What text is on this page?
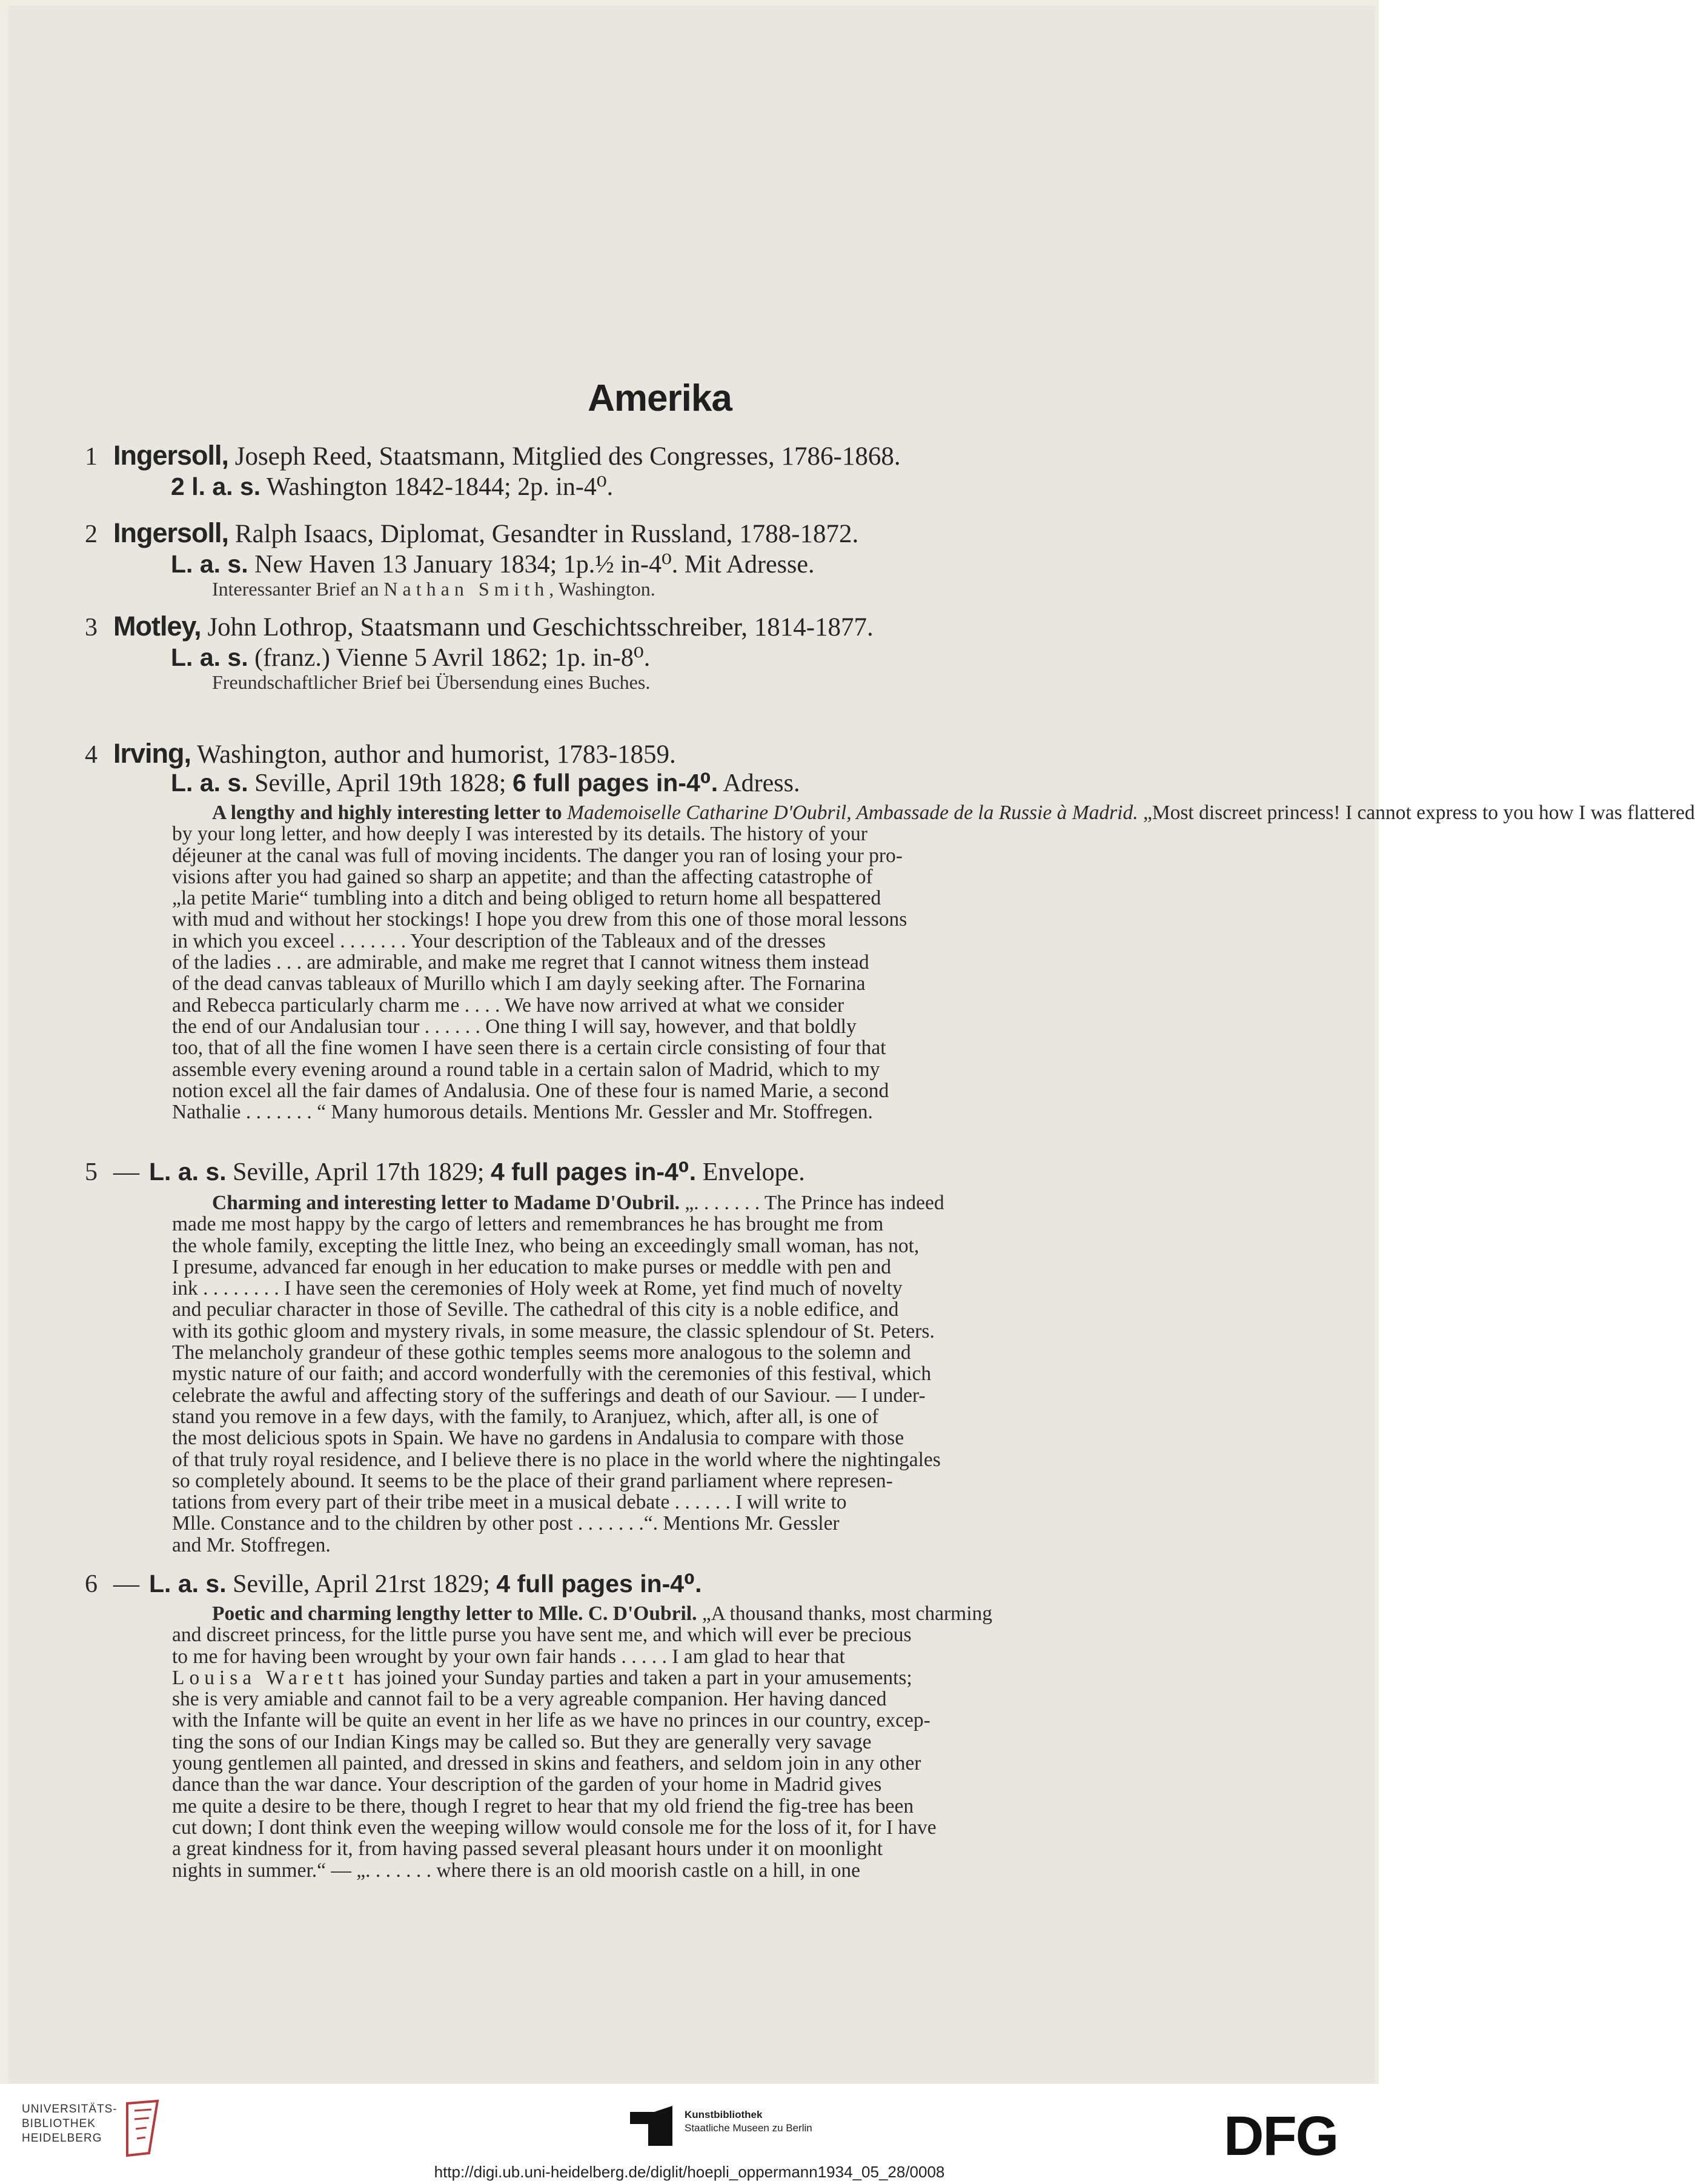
Amerika
1 Ingersoll, Joseph Reed, Staatsmann, Mitglied des Congresses, 1786-1868.
2 l. a. s. Washington 1842-1844; 2p. in-4⁰.
2 Ingersoll, Ralph Isaacs, Diplomat, Gesandter in Russland, 1788-1872.
L. a. s. New Haven 13 January 1834; 1p.½ in-4⁰. Mit Adresse.
Interessanter Brief an Nathan Smith, Washington.
3 Motley, John Lothrop, Staatsmann und Geschichtsschreiber, 1814-1877.
L. a. s. (franz.) Vienne 5 Avril 1862; 1p. in-8⁰.
Freundschaftlicher Brief bei Übersendung eines Buches.
4 Irving, Washington, author and humorist, 1783-1859.
L. a. s. Seville, April 19th 1828; 6 full pages in-4⁰. Adress.
A lengthy and highly interesting letter to Mademoiselle Catharine D'Oubril, Ambassade de la Russie à Madrid. „Most discreet princess! I cannot express to you how I was flattered
by your long letter, and how deeply I was interested by its details. The history of your
déjeuner at the canal was full of moving incidents. The danger you ran of losing your pro-
visions after you had gained so sharp an appetite; and than the affecting catastrophe of
„la petite Marie“ tumbling into a ditch and being obliged to return home all bespattered
with mud and without her stockings! I hope you drew from this one of those moral lessons
in which you exceel . . . . . . . Your description of the Tableaux and of the dresses
of the ladies . . . are admirable, and make me regret that I cannot witness them instead
of the dead canvas tableaux of Murillo which I am dayly seeking after. The Fornarina
and Rebecca particularly charm me . . . . We have now arrived at what we consider
the end of our Andalusian tour . . . . . . One thing I will say, however, and that boldly
too, that of all the fine women I have seen there is a certain circle consisting of four that
assemble every evening around a round table in a certain salon of Madrid, which to my
notion excel all the fair dames of Andalusia. One of these four is named Marie, a second
Nathalie . . . . . . . “ Many humorous details. Mentions Mr. Gessler and Mr. Stoffregen.
5 — L. a. s. Seville, April 17th 1829; 4 full pages in-4⁰. Envelope.
Charming and interesting letter to Madame D'Oubril. „. . . . . . . The Prince has indeed
made me most happy by the cargo of letters and remembrances he has brought me from
the whole family, excepting the little Inez, who being an exceedingly small woman, has not,
I presume, advanced far enough in her education to make purses or meddle with pen and
ink . . . . . . . . I have seen the ceremonies of Holy week at Rome, yet find much of novelty
and peculiar character in those of Seville. The cathedral of this city is a noble edifice, and
with its gothic gloom and mystery rivals, in some measure, the classic splendour of St. Peters.
The melancholy grandeur of these gothic temples seems more analogous to the solemn and
mystic nature of our faith; and accord wonderfully with the ceremonies of this festival, which
celebrate the awful and affecting story of the sufferings and death of our Saviour. — I under-
stand you remove in a few days, with the family, to Aranjuez, which, after all, is one of
the most delicious spots in Spain. We have no gardens in Andalusia to compare with those
of that truly royal residence, and I believe there is no place in the world where the nightingales
so completely abound. It seems to be the place of their grand parliament where represen-
tations from every part of their tribe meet in a musical debate . . . . . . I will write to
Mlle. Constance and to the children by other post . . . . . . .“. Mentions Mr. Gessler
and Mr. Stoffregen.
6 — L. a. s. Seville, April 21rst 1829; 4 full pages in-4⁰.
Poetic and charming lengthy letter to Mlle. C. D'Oubril. „A thousand thanks, most charming
and discreet princess, for the little purse you have sent me, and which will ever be precious
to me for having been wrought by your own fair hands . . . . . I am glad to hear that
Louisa Warett has joined your Sunday parties and taken a part in your amusements;
she is very amiable and cannot fail to be a very agreable companion. Her having danced
with the Infante will be quite an event in her life as we have no princes in our country, excep-
ting the sons of our Indian Kings may be called so. But they are generally very savage
young gentlemen all painted, and dressed in skins and feathers, and seldom join in any other
dance than the war dance. Your description of the garden of your home in Madrid gives
me quite a desire to be there, though I regret to hear that my old friend the fig-tree has been
cut down; I dont think even the weeping willow would console me for the loss of it, for I have
a great kindness for it, from having passed several pleasant hours under it on moonlight
nights in summer.“ — „. . . . . . . where there is an old moorish castle on a hill, in one
UNIVERSITÄTS-
BIBLIOTHEK
HEIDELBERG
Kunstbibliothek
Staatliche Museen zu Berlin	DFG
http://digi.ub.uni-heidelberg.de/diglit/hoepli_oppermann1934_05_28/0008
